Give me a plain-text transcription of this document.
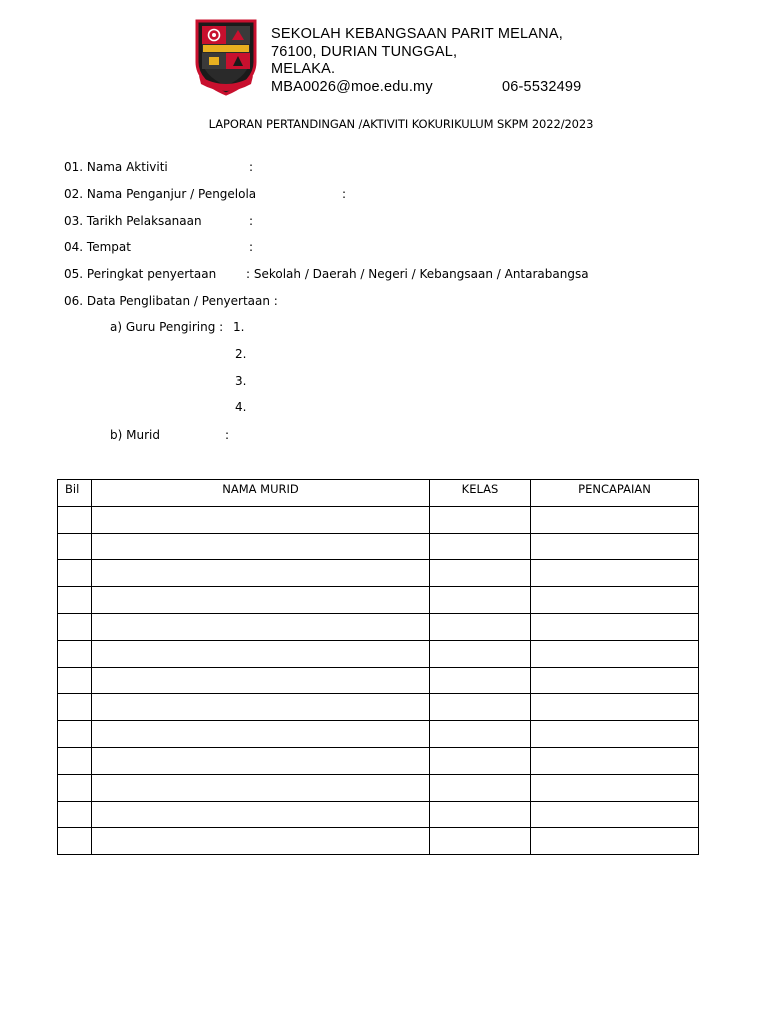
SEKOLAH KEBANGSAAN PARIT MELANA,
76100, DURIAN TUNGGAL,
MELAKA.
MBA0026@moe.edu.my	06-5532499
LAPORAN PERTANDINGAN /AKTIVITI KOKURIKULUM SKPM 2022/2023
01. Nama Aktiviti	:
02. Nama Penganjur / Pengelola	:
03. Tarikh Pelaksanaan	:
04. Tempat	:
05. Peringkat penyertaan : Sekolah / Daerah / Negeri / Kebangsaan / Antarabangsa
06. Data Penglibatan / Penyertaan :
a) Guru Pengiring : 1.
2.
3.
4.
b) Murid	:
Bil	NAMA MURID	KELAS	PENCAPAIAN
